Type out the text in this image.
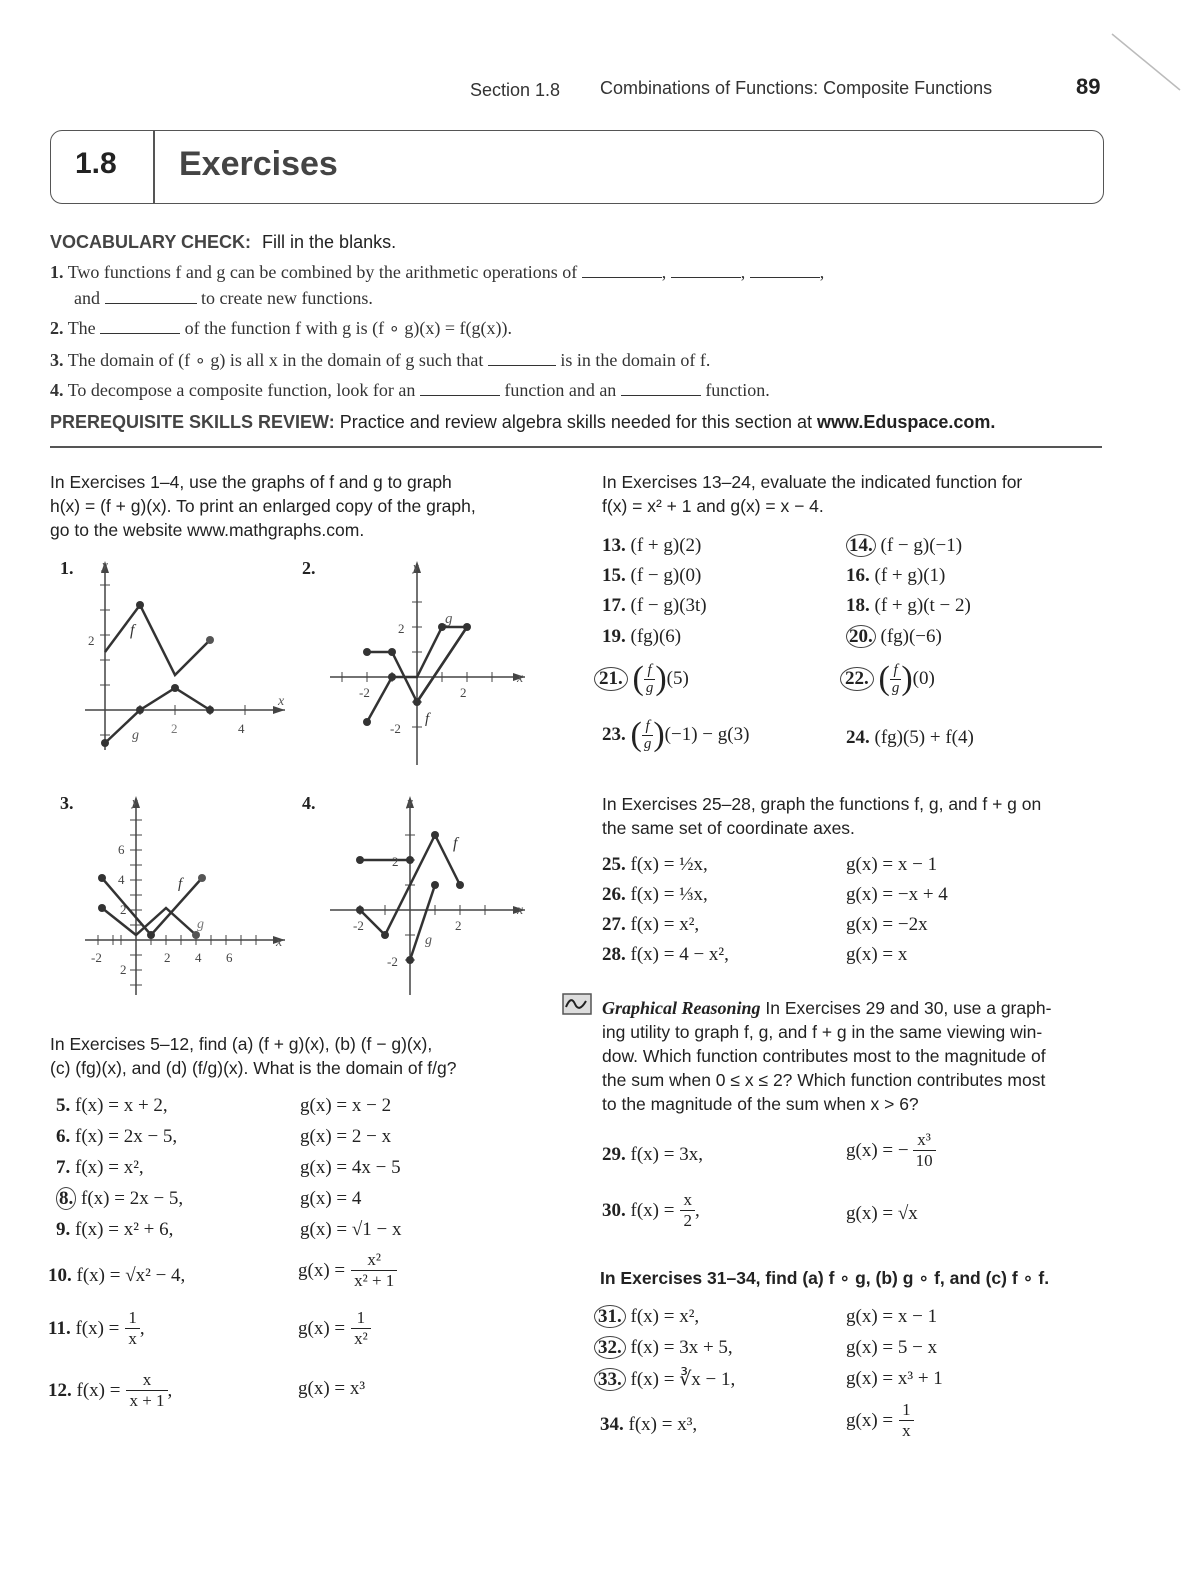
Section 1.8 Combinations of Functions: Composite Functions	89
1.8 Exercises
VOCABULARY CHECK: Fill in the blanks.
1. Two functions f and g can be combined by the arithmetic operations of	,	,	,
and	to create new functions.
2. The	of the function f with g is (f ∘ g)(x) = f(g(x)).
3. The domain of (f ∘ g) is all x in the domain of g such that	is in the domain of f.
4. To decompose a composite function, look for an	function and an	function.
PREREQUISITE SKILLS REVIEW: Practice and review algebra skills needed for this section at www.Eduspace.com.
In Exercises 1–4, use the graphs of f and g to graph
h(x) = (f + g)(x). To print an enlarged copy of the graph,
go to the website www.mathgraphs.com.
1. y
x
f
g
2
2	4
2.	y
x
f
g
2
-2	2
-2
3.	y
x
f
g
6
4
2
-2	2 4 6
2
4.	y
x
f
g
2
-2	2
-2
In Exercises 5–12, find (a) (f + g)(x), (b) (f − g)(x),
(c) (fg)(x), and (d) (f/g)(x). What is the domain of f/g?
5. f(x) = x + 2,	g(x) = x − 2
6. f(x) = 2x − 5,	g(x) = 2 − x
7. f(x) = x²,	g(x) = 4x − 5
8. f(x) = 2x − 5,	g(x) = 4
9. f(x) = x² + 6,	g(x) = √1 − x
10. f(x) = √x² − 4,	$g(x) = \frac{\text{x²}}{\text{x² + 1}}$
11.
$f(x) = \frac{1}{x}$ ,	$g(x) = \frac{1}{\text{x²}}$
12.
$f(x) = \frac{x}{x + 1}$ ,	g(x) = x³
In Exercises 13–24, evaluate the indicated function for
f(x) = x² + 1 and g(x) = x − 4.
13. (f + g)(2)	14. (f − g)(−1)
15. (f − g)(0)	16. (f + g)(1)
17. (f − g)(3t)	18. (f + g)(t − 2)
19. (fg)(6)	20. (fg)(−6)
21.
( f
g ) (5)	22.
( f
g ) (0)
23.
( f
g ) (−1) − g(3)	24. (fg)(5) + f(4)
In Exercises 25–28, graph the functions f, g, and f + g on
the same set of coordinate axes.
25. f(x) = ½x,	g(x) = x − 1
26. f(x) = ⅓x,	g(x) = −x + 4
27. f(x) = x²,	g(x) = −2x
28. f(x) = 4 − x²,	g(x) = x
Graphical Reasoning In Exercises 29 and 30, use a graph-
ing utility to graph f, g, and f + g in the same viewing win-
dow. Which function contributes most to the magnitude of
the sum when 0 ≤ x ≤ 2? Which function contributes most
to the magnitude of the sum when x > 6?
29. f(x) = 3x,	g(x) = − $\frac{\text{x³}}{10}$
30.
$f(x) = \frac{x}{2}$ ,	g(x) = √x
In Exercises 31–34, find (a) f ∘ g, (b) g ∘ f, and (c) f ∘ f.
31. f(x) = x²,	g(x) = x − 1
32. f(x) = 3x + 5,	g(x) = 5 − x
33. f(x) = ∛x − 1,	g(x) = x³ + 1
34. f(x) = x³,	$g(x) = \frac{1}{x}$
